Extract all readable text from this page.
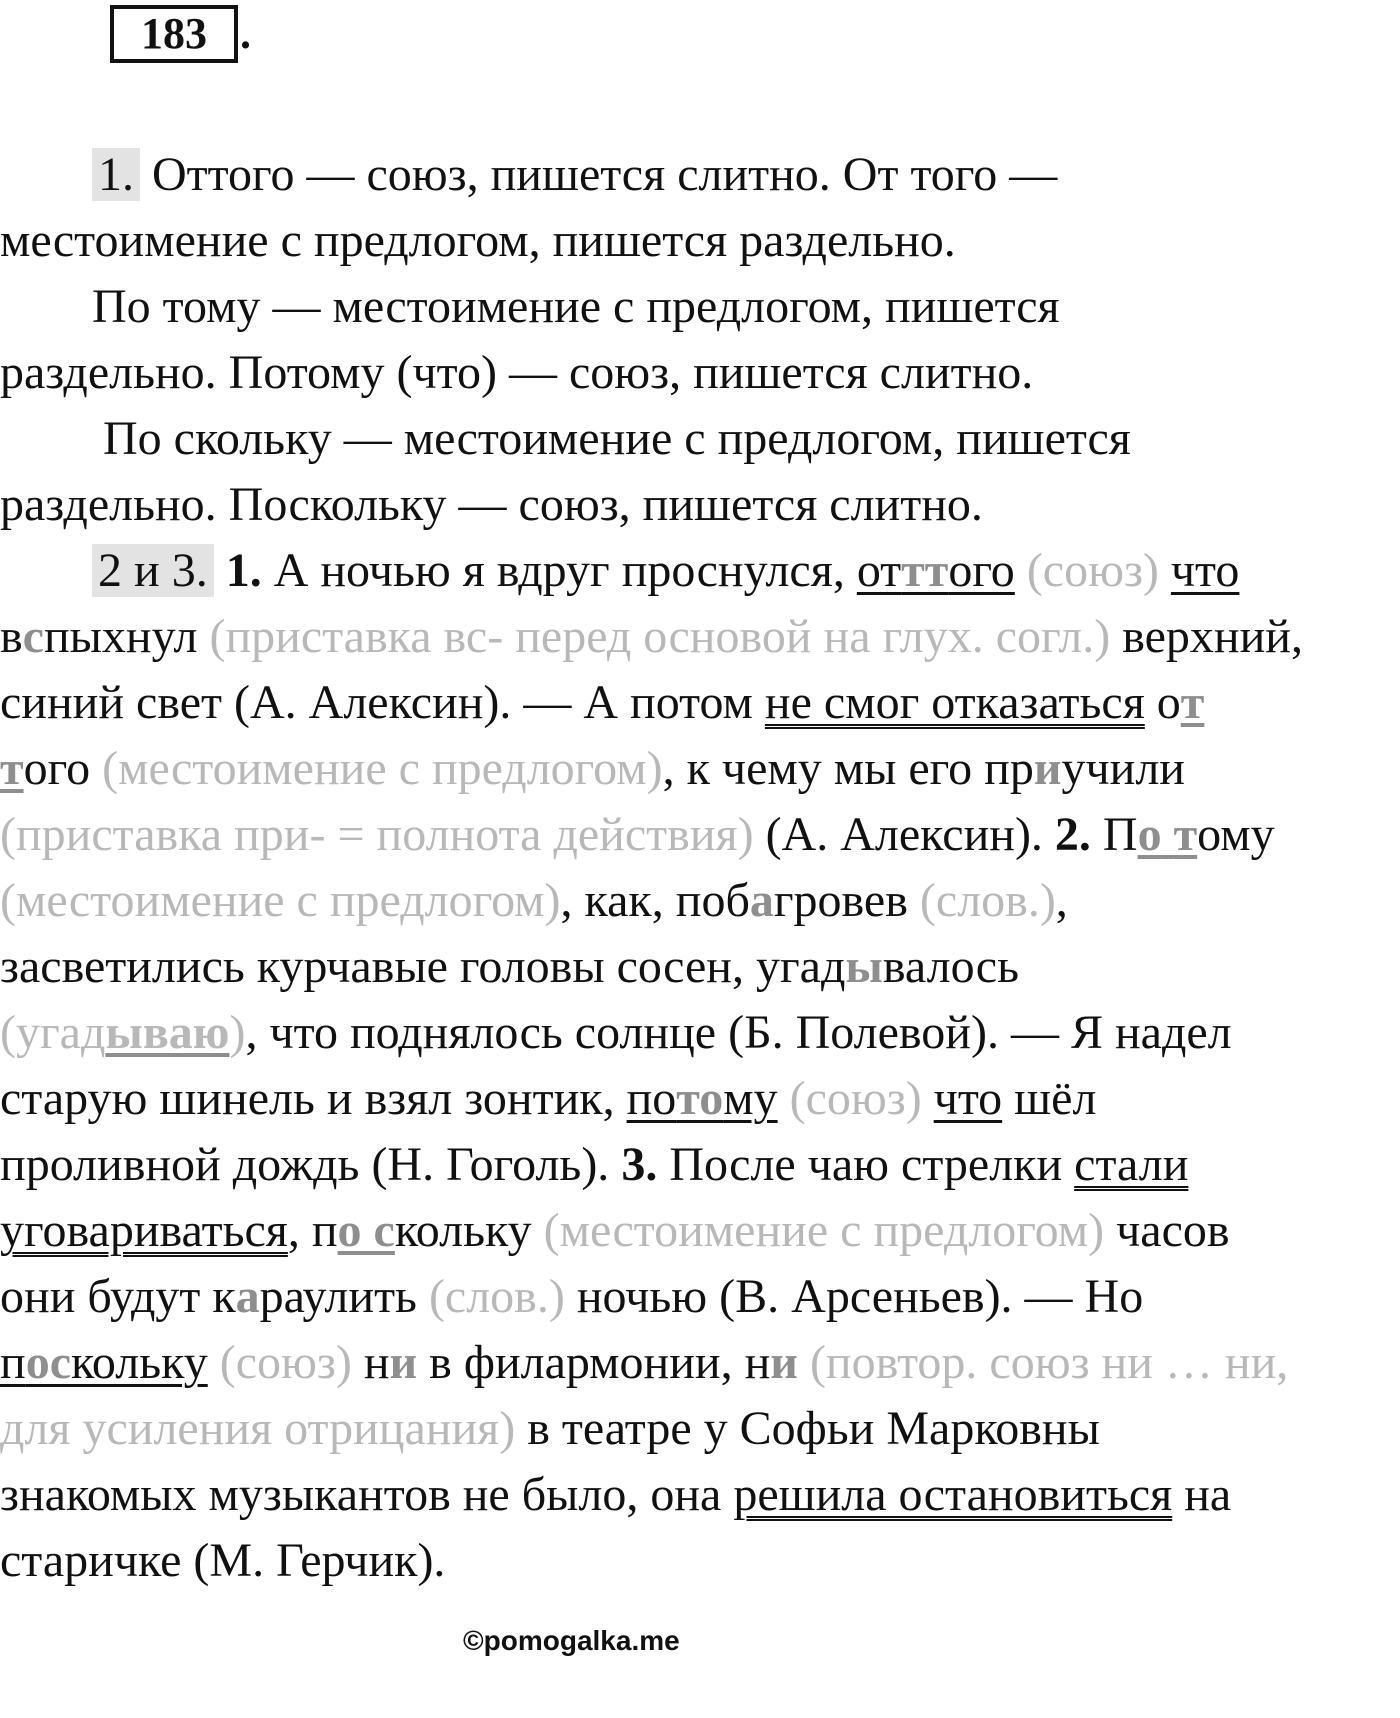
183 .
1. Оттого — союз, пишется слитно. От того —
местоимение с предлогом, пишется раздельно.
По тому — местоимение с предлогом, пишется
раздельно. Потому (что) — союз, пишется слитно.
По скольку — местоимение с предлогом, пишется
раздельно. Поскольку — союз, пишется слитно.
2 и 3. 1. А ночью я вдруг проснулся, отттого (союз) что
вспыхнул (приставка вс- перед основой на глух. согл.) верхний,
синий свет (А. Алексин). — А потом не смог отказаться от
того (местоимение с предлогом), к чему мы его приучили
(приставка при- = полнота действия) (А. Алексин). 2. По тому
(местоимение с предлогом), как, побагровев (слов.),
засветились курчавые головы сосен, угадывалось
(угадываю), что поднялось солнце (Б. Полевой). — Я надел
старую шинель и взял зонтик, потому (союз) что шёл
проливной дождь (Н. Гоголь). 3. После чаю стрелки стали
уговариваться, по скольку (местоимение с предлогом) часов
они будут караулить (слов.) ночью (В. Арсеньев). — Но
поскольку (союз) ни в филармонии, ни (повтор. союз ни … ни,
для усиления отрицания) в театре у Софьи Марковны
знакомых музыкантов не было, она решила остановиться на
старичке (М. Герчик).
©pomogalka.me
